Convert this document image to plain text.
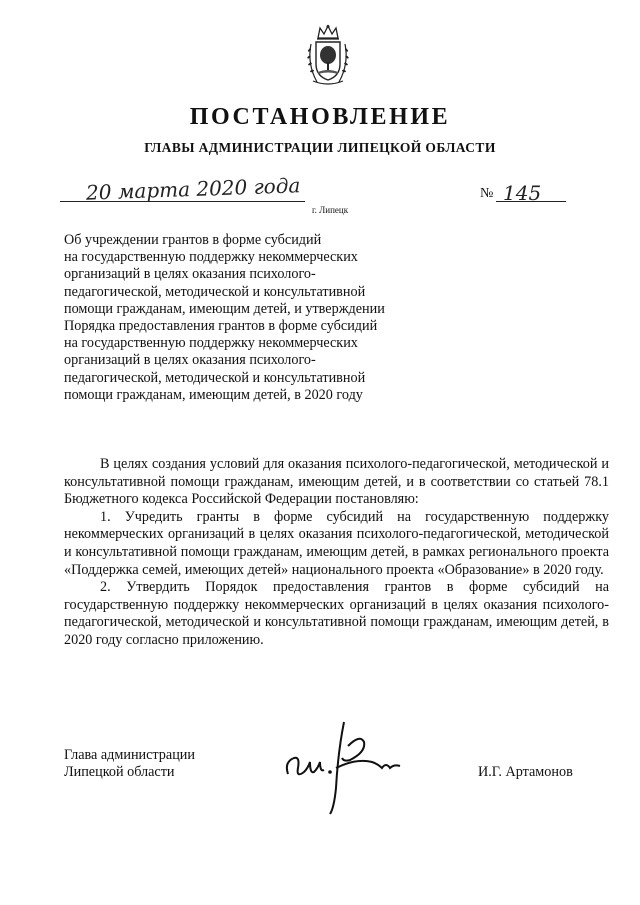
ПОСТАНОВЛЕНИЕ
ГЛАВЫ АДМИНИСТРАЦИИ ЛИПЕЦКОЙ ОБЛАСТИ
20 марта 2020 года
г. Липецк
№ 145
Об учреждении грантов в форме субсидий
на государственную поддержку некоммерческих
организаций в целях оказания психолого-
педагогической, методической и консультативной
помощи гражданам, имеющим детей, и утверждении
Порядка предоставления грантов в форме субсидий
на государственную поддержку некоммерческих
организаций в целях оказания психолого-
педагогической, методической и консультативной
помощи гражданам, имеющим детей, в 2020 году

В целях создания условий для оказания психолого-педагогической, методической и консультативной помощи гражданам, имеющим детей, и в соответствии со статьей 78.1 Бюджетного кодекса Российской Федерации постановляю:

1. Учредить гранты в форме субсидий на государственную поддержку некоммерческих организаций в целях оказания психолого-педагогической, методической и консультативной помощи гражданам, имеющим детей, в рамках регионального проекта «Поддержка семей, имеющих детей» национального проекта «Образование» в 2020 году.

2. Утвердить Порядок предоставления грантов в форме субсидий на государственную поддержку некоммерческих организаций в целях оказания психолого-педагогической, методической и консультативной помощи гражданам, имеющим детей, в 2020 году согласно приложению.

Глава администрации
Липецкой области	И.Г. Артамонов
